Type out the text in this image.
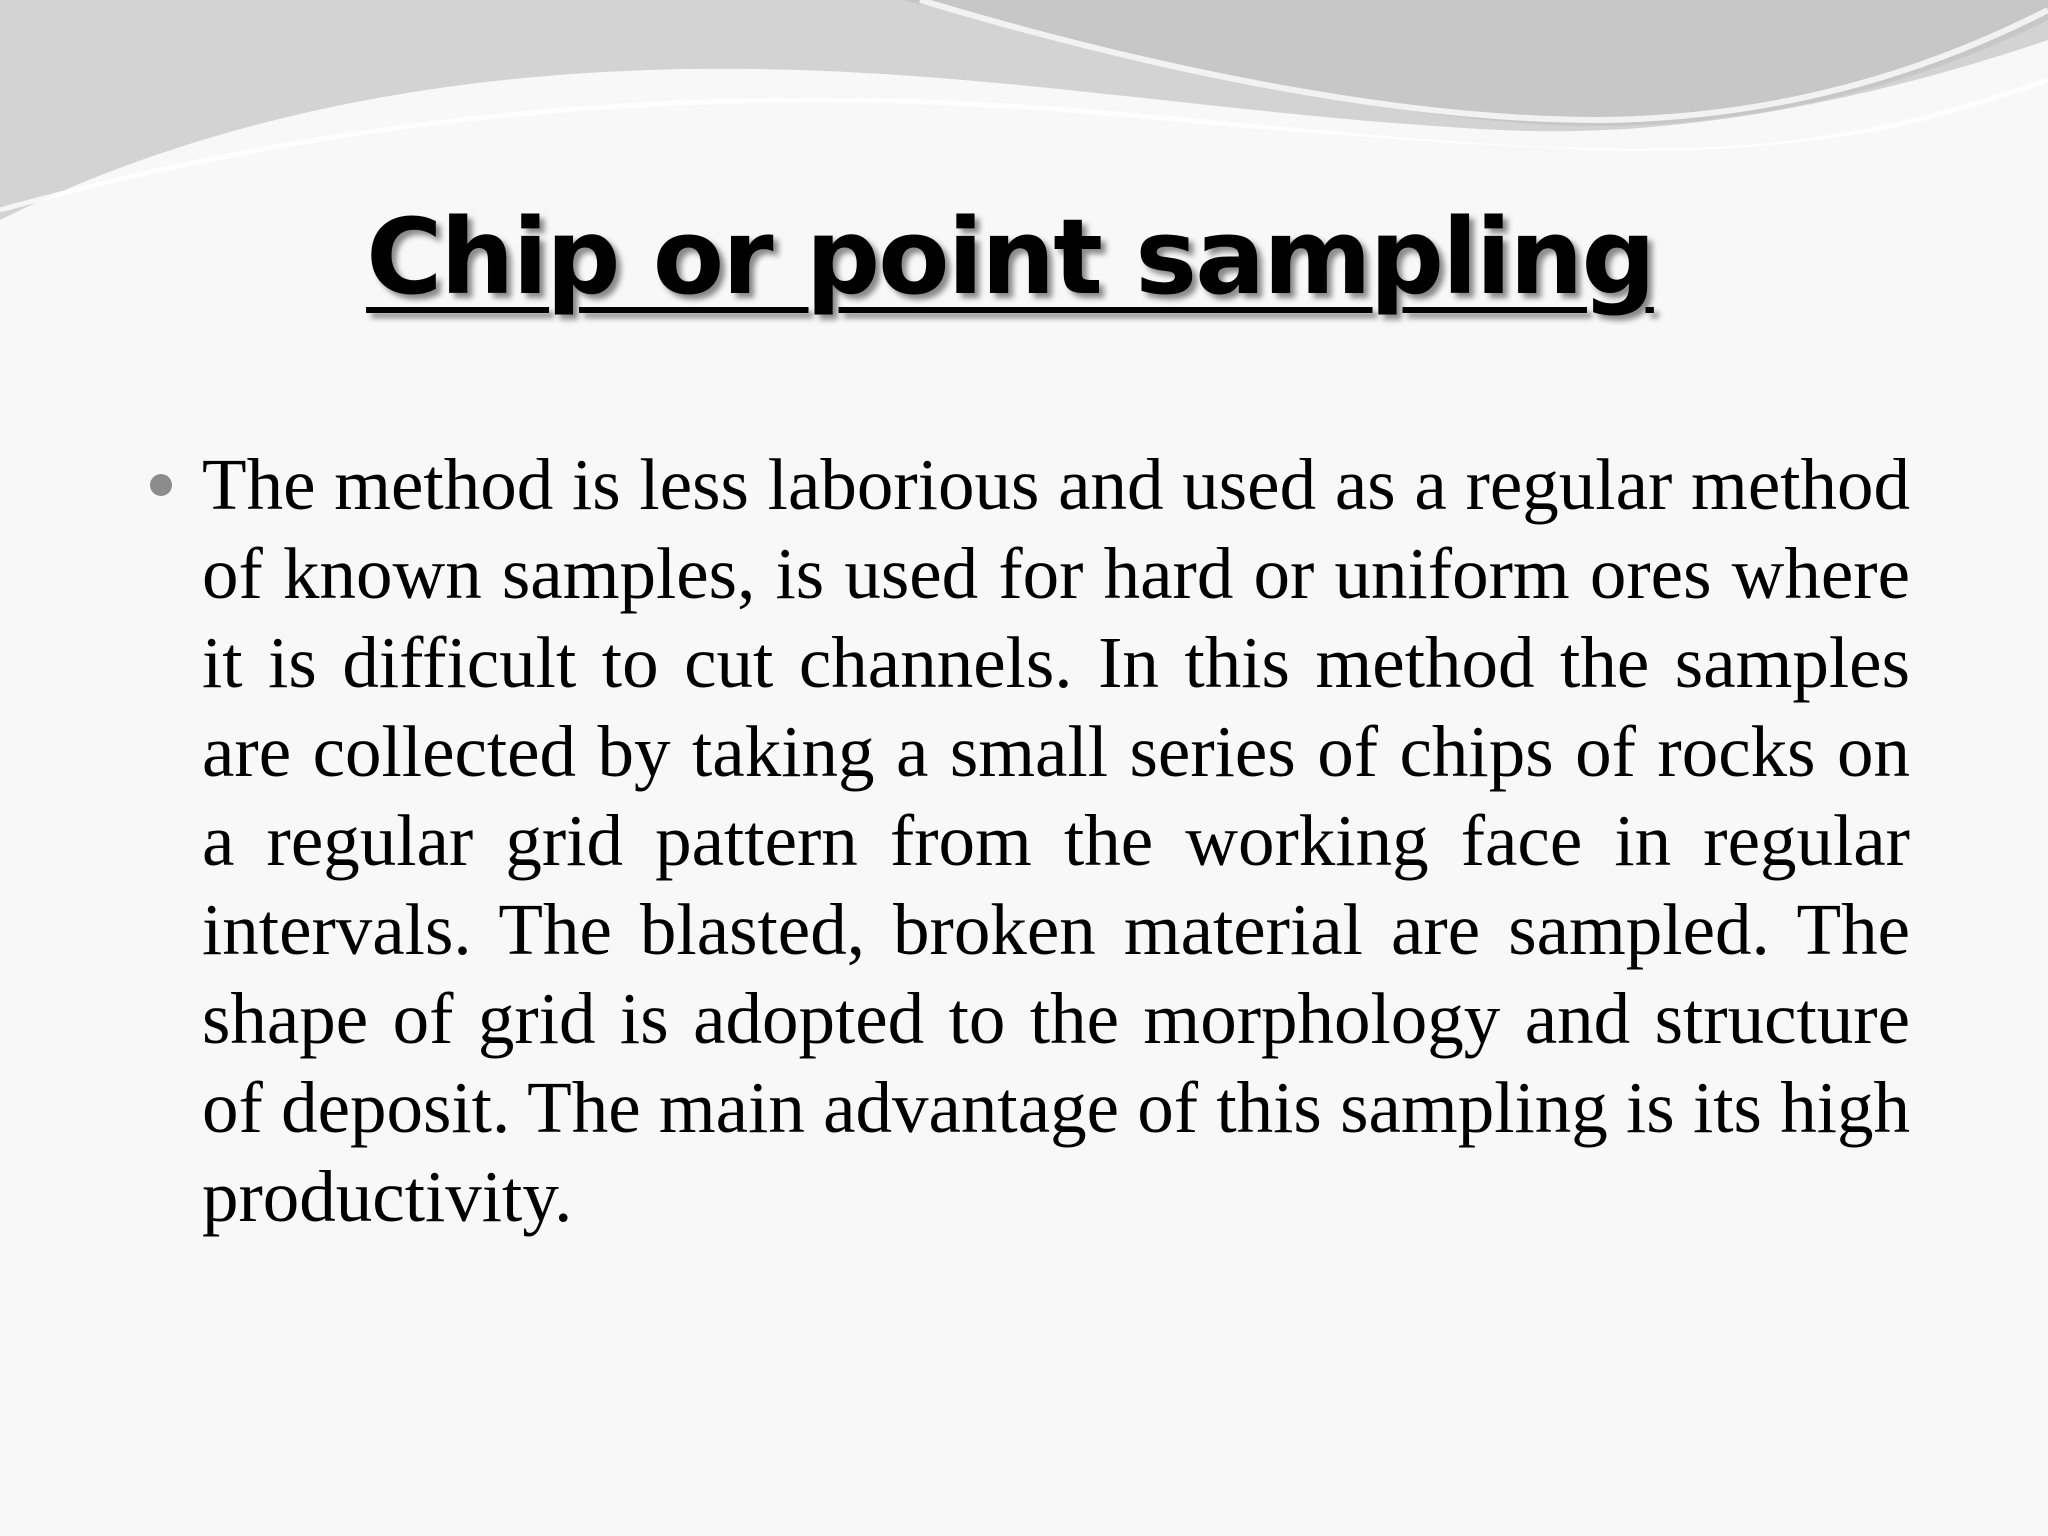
Chip or point sampling

The method is less laborious and used as a regular method of known samples, is used for hard or uniform ores where it is difficult to cut channels. In this method the samples are collected by taking a small series of chips of rocks on a regular grid pattern from the working face in regular intervals. The blasted, broken material are sampled. The shape of grid is adopted to the morphology and structure of deposit. The main advantage of this sampling is its high productivity.
